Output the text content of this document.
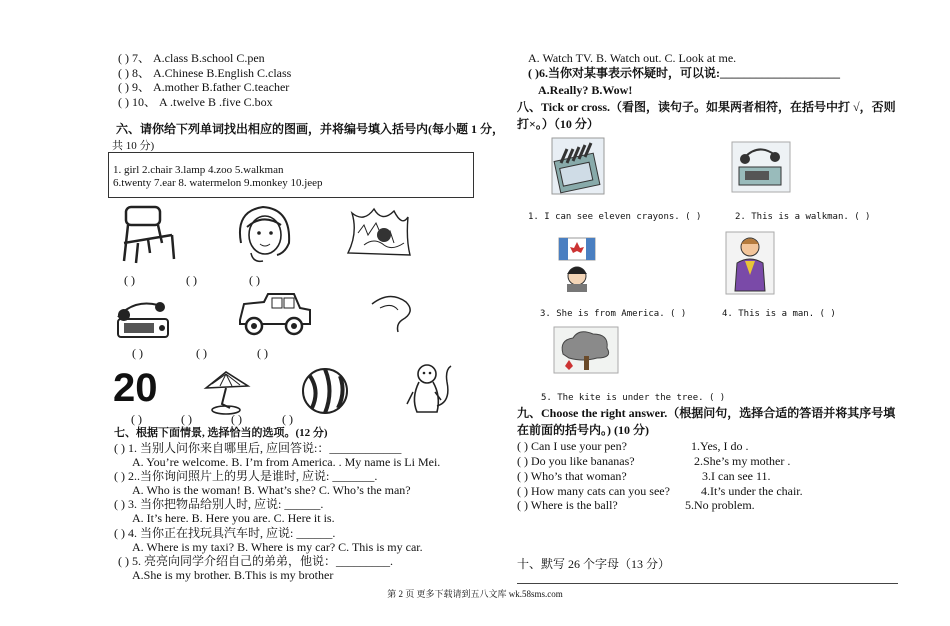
( ) 7、 A.class B.school C.pen
( ) 8、 A.Chinese B.English C.class
( ) 9、 A.mother B.father C.teacher
( ) 10、 A .twelve B .five C.box
六、请你给下列单词找出相应的图画，并将编号填入括号内(每小题 1 分，
共 10 分)
1. girl 2.chair 3.lamp 4.zoo 5.walkman
6.twenty 7.ear 8. watermelon 9.monkey 10.jeep
( )	( )	( )
( )	( )	( )
20
( )	( )	( )	( )
七、根据下面情景, 选择恰当的选项。(12 分)
( ) 1. 当别人问你来自哪里后, 应回答说:：____________
A. You’re welcome. B. I’m from America. . My name is Li Mei.
( ) 2..当你询问照片上的男人是谁时, 应说: _______.
A. Who is the woman! B. What’s she? C. Who’s the man?
( ) 3. 当你把物品给别人时, 应说: ______.
A. It’s here. B. Here you are. C. Here it is.
( ) 4. 当你正在找玩具汽车时, 应说: ______.
A. Where is my taxi? B. Where is my car? C. This is my car.
( ) 5. 亮亮向同学介绍自己的弟弟，他说：_________.
A.She is my brother. B.This is my brother
A. Watch TV. B. Watch out. C. Look at me.
( )6.当你对某事表示怀疑时，可以说:____________________
A.Really? B.Wow!
八、Tick or cross.（看图，读句子。如果两者相符，在括号中打 √，否则
打×。）（10 分）
1. I can see eleven crayons. ( )	2. This is a walkman. ( )
3. She is from America. ( )	4. This is a man. ( )
5. The kite is under the tree. ( )
九、Choose the right answer.（根据问句，选择合适的答语并将其序号填
在前面的括号内。) (10 分)
( ) Can I use your pen?	1.Yes, I do .
( ) Do you like bananas?	2.She’s my mother .
( ) Who’s that woman?	3.I can see 11.
( ) How many cats can you see?	4.It’s under the chair.
( ) Where is the ball?	5.No problem.
十、默写 26 个字母（13 分）
第 2 页 更多下载请到五八文库 wk.58sms.com
